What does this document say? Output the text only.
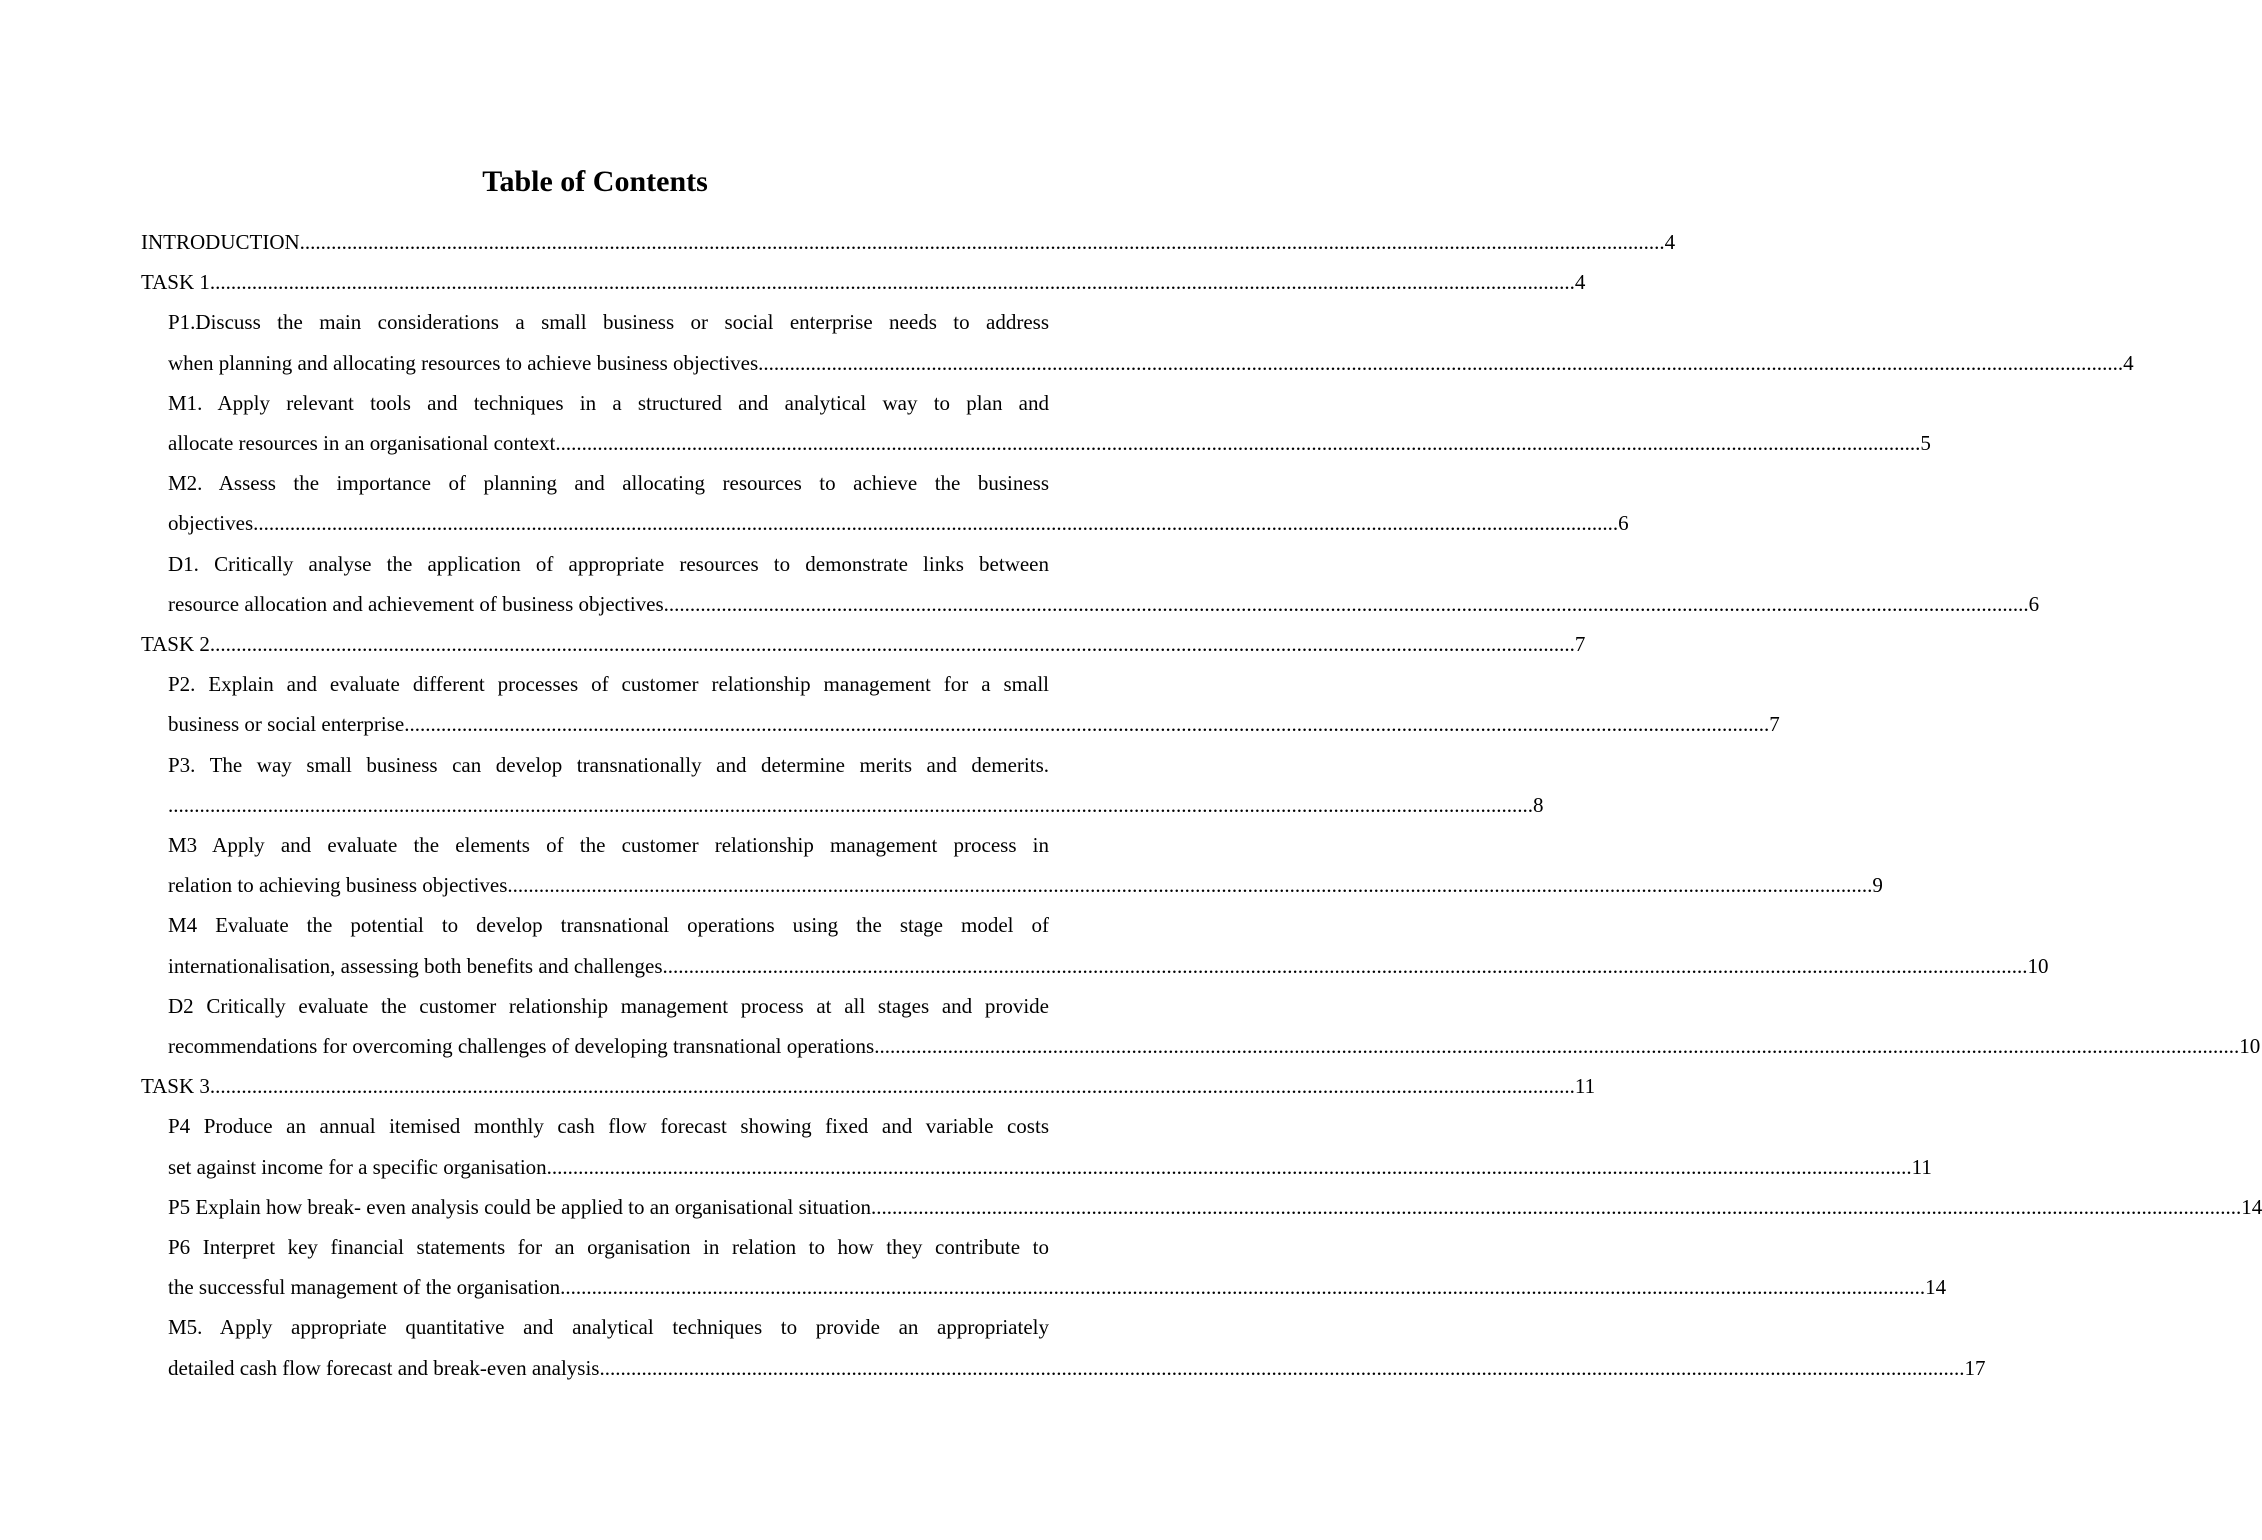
Table of Contents
INTRODUCTION .................................................................................................................................................................................................................................................................... 4
TASK 1 .................................................................................................................................................................................................................................................................... 4
P1.Discuss the main considerations a small business or social enterprise needs to address
when planning and allocating resources to achieve business objectives .................................................................................................................................................................................................................................................................... 4
M1. Apply relevant tools and techniques in a structured and analytical way to plan and
allocate resources in an organisational context .................................................................................................................................................................................................................................................................... 5
M2. Assess the importance of planning and allocating resources to achieve the business
objectives .................................................................................................................................................................................................................................................................... 6
D1. Critically analyse the application of appropriate resources to demonstrate links between
resource allocation and achievement of business objectives .................................................................................................................................................................................................................................................................... 6
TASK 2 .................................................................................................................................................................................................................................................................... 7
P2. Explain and evaluate different processes of customer relationship management for a small
business or social enterprise .................................................................................................................................................................................................................................................................... 7
P3. The way small business can develop transnationally and determine merits and demerits.
.................................................................................................................................................................................................................................................................... 8
M3 Apply and evaluate the elements of the customer relationship management process in
relation to achieving business objectives .................................................................................................................................................................................................................................................................... 9
M4 Evaluate the potential to develop transnational operations using the stage model of
internationalisation, assessing both benefits and challenges .................................................................................................................................................................................................................................................................... 10
D2 Critically evaluate the customer relationship management process at all stages and provide
recommendations for overcoming challenges of developing transnational operations .................................................................................................................................................................................................................................................................... 10
TASK 3 .................................................................................................................................................................................................................................................................... 11
P4 Produce an annual itemised monthly cash flow forecast showing fixed and variable costs
set against income for a specific organisation .................................................................................................................................................................................................................................................................... 11
P5 Explain how break- even analysis could be applied to an organisational situation. .................................................................................................................................................................................................................................................................... 14
P6 Interpret key financial statements for an organisation in relation to how they contribute to
the successful management of the organisation .................................................................................................................................................................................................................................................................... 14
M5. Apply appropriate quantitative and analytical techniques to provide an appropriately
detailed cash flow forecast and break-even analysis .................................................................................................................................................................................................................................................................... 17
